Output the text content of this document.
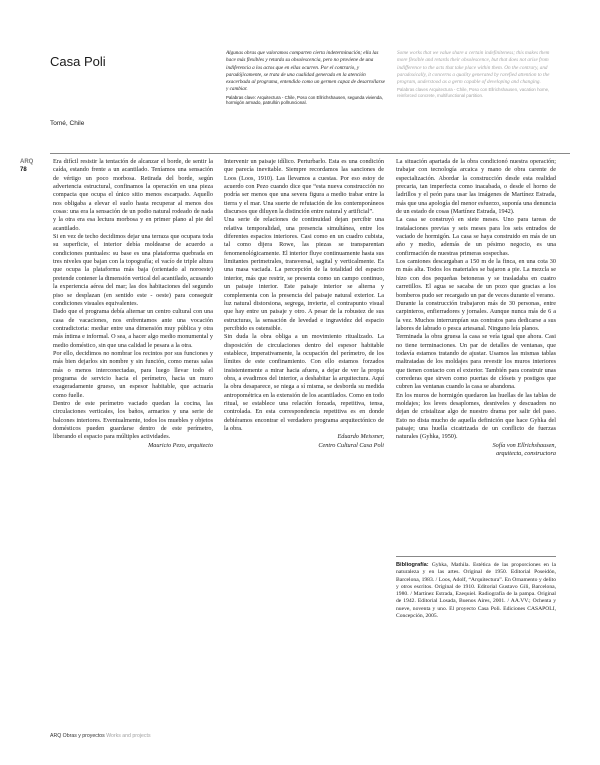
Casa Poli
Tomé, Chile
Algunas obras que valoramos comparten cierta indeterminación; ella las hace más flexibles y retarda su obsolescencia, pero no proviene de una indiferencia a los actos que en ellas ocurren. Por el contrario, y paradójicamente, se trata de una cualidad generada en la atención exacerbada al programa, entendido como un germen capaz de desarrollarse y cambiar.
Palabras clave: Arquitectura - Chile, Poso con Ellrichshausen, segunda vivienda, hormigón armado, patrullón pollruncional.
Some works that we value share a certain indefiniteness; this makes them more flexible and retards their obsolescence, but that does not arise from indifference to the acts that take place within them. On the contrary, and paradoxically, it concerns a quality generated by rarefied attention to the program, understood as a germ capable of developing and changing.
Palabras claves Arquitectura - Chile, Poso con Ellrichshausen, vacation home, reinforced concrete, multifunctional partition.
ARQ
78

Era difícil resistir la tentación de alcanzar el borde, de sentir la caída, estando frente a un acantilado. Teníamos una sensación de vértigo un poco morbosa. Retirada del borde, según advertencia estructural, confinamos la operación en una pieza compacta que ocupa el único sitio menos escarpado. Aquello nos obligaba a elevar el suelo hasta recuperar al menos dos cosas: una era la sensación de un podio natural rodeado de nada y la otra era esa lectura morbosa y en primer plano al pie del acantilado.

Si en vez de techo decidimos dejar una terraza que ocupara toda su superficie, el interior debía moldearse de acuerdo a condiciones puntuales: su base es una plataforma quebrada en tres niveles que bajan con la topografía; el vacío de triple altura que ocupa la plataforma más baja (orientado al noroeste) pretende contener la dimensión vertical del acantilado, acusando la experiencia aérea del mar; las dos habitaciones del segundo piso se desplazan (en sentido este - oeste) para conseguir condiciones visuales equivalentes.

Dado que el programa debía alternar un centro cultural con una casa de vacaciones, nos enfrentamos ante una vocación contradictoria: mediar entre una dimensión muy pública y otra más íntima e informal. O sea, a hacer algo medio monumental y medio doméstico, sin que una calidad le pesara a la otra.

Por ello, decidimos no nombrar los recintos por sus funciones y más bien dejarlos sin nombre y sin función, como meras salas más o menos interconectadas, para luego llevar todo el programa de servicio hacia el perímetro, hacia un muro exageradamente grueso, un espesor habitable, que actuaría como fuelle.

Dentro de este perímetro vaciado quedan la cocina, las circulaciones verticales, los baños, armarios y una serie de balcones interiores. Eventualmente, todos los muebles y objetos domésticos pueden guardarse dentro de este perímetro, liberando el espacio para múltiples actividades.

Mauricio Pezo, arquitecto

Intervenir un paisaje idílico. Perturbarlo. Esta es una condición que parecía inevitable. Siempre recordamos las sanciones de Loos (Loos, 1910). Las llevamos a cuestas. Por eso estoy de acuerdo con Pezo cuando dice que “esta nueva construcción no podría ser menos que una severa figura a medio trabar entre la tierra y el mar. Una suerte de refutación de los contemporáneos discursos que diluyen la distinción entre natural y artificial”.

Una serie de relaciones de continuidad dejan percibir una relativa temporalidad, una presencia simultánea, entre los diferentes espacios interiores. Casi como en un cuadro cubista, tal como dijera Rowe, las piezas se transparentan fenomenológicamente. El interior fluye continuamente hasta sus limitantes perimetrales, transversal, sagital y verticalmente. Es una masa vaciada. La percepción de la totalidad del espacio interior, más que restrir, se presenta como un campo continuo, un paisaje interior. Este paisaje interior se alterna y complementa con la presencia del paisaje natural exterior. La luz natural distorsiona, segrega, invierte, el contrapunto visual que hay entre un paisaje y otro. A pesar de la robustez de sus estructuras, la sensación de levedad e ingravidez del espacio percibido es ostensible.

Sin duda la obra obliga a un movimiento ritualizado. La disposición de circulaciones dentro del espesor habitable establece, imperativamente, la ocupación del perímetro, de los límites de este confinamiento. Con ello estamos forzados insistentemente a mirar hacia afuera, a dejar de ver la propia obra, a evadirnos del interior, a deshabitar la arquitectura. Aquí la obra desaparece, se niega a sí misma, se desborda su medida antropométrica en la extensión de los acantilados. Como en todo ritual, se establece una relación forzada, repetitiva, tensa, controlada. En esta correspondencia repetitiva es en donde debiéramos encontrar el verdadero programa arquitectónico de la obra.

Eduardo Meissner,

Centro Cultural Casa Poli

La situación apartada de la obra condicionó nuestra operación; trabajar con tecnología arcaica y mano de obra carente de especialización. Abordar la construcción desde esta realidad precaria, tan imperfecta como inacabada, o desde el horno de ladrillos y el peón para usar las imágenes de Martínez Estrada, más que una apología del menor esfuerzo, suponía una denuncia de un estado de cosas (Martínez Estrada, 1942).

La casa se construyó en siete meses. Uno para tareas de instalaciones previas y seis meses para los seis entrados de vaciado de hormigón. La casa se haya construido en más de un año y medio, además de un pésimo negocio, es una confirmación de nuestras primeras sospechas.

Los camiones descargaban a 150 m de la finca, en una cota 30 m más alta. Todos los materiales se bajaron a pie. La mezcla se hizo con dos pequeñas betoneras y se trasladaba en cuatro carretillos. El agua se sacaba de un pozo que gracias a los bomberos pudo ser recargado un par de veces durante el verano.

Durante la construcción trabajaron más de 30 personas, entre carpinteros, enfierradores y jornales. Aunque nunca más de 6 a la vez. Muchos interrumpían sus contratos para dedicarse a sus labores de labrado o pesca artesanal. Ninguno leía planos.

Terminada la obra gruesa la casa se veía igual que ahora. Casi no tiene terminaciones. Un par de detalles de ventanas, que todavía estamos tratando de ajustar. Usamos las mismas tablas maltratadas de los moldajes para revestir los muros interiores que tienen contacto con el exterior. También para construir unas correderas que sirven como puertas de clósets y postigos que cubren las ventanas cuando la casa se abandona.

En los muros de hormigón quedaron las huellas de las tablas de moldajes; los leves desaplomes, desniveles y descuadres no dejan de cristalizar algo de nuestro drama por salir del paso. Esto no dista mucho de aquella definición que hace Gyhka del paisaje; una huella cicatrizada de un conflicto de fuerzas naturales (Gyhka, 1950).

Sofía von Ellrichshausen,

arquitecta, constructora

Bibliografía: Gyhka, Mathila. Estética de las proporciones en la naturaleza y en las artes. Original de 1950. Editorial Poseidón, Barcelona, 1983. / Loos, Adolf, “Arquitectura”. En Ornamento y delito y otros escritos. Original de 1910. Editorial Gustavo Gili, Barcelona, 1980. / Martínez Estrada, Ezequiel. Radiografía de la pampa. Original de 1942. Editorial Losada, Buenos Aires, 2001. / AA.VV.; Ochenta y nueve, noventa y uno. El proyecto Casa Poli. Ediciones CASAPOLI, Concepción, 2005.
ARQ Obras y proyectos Works and projects
